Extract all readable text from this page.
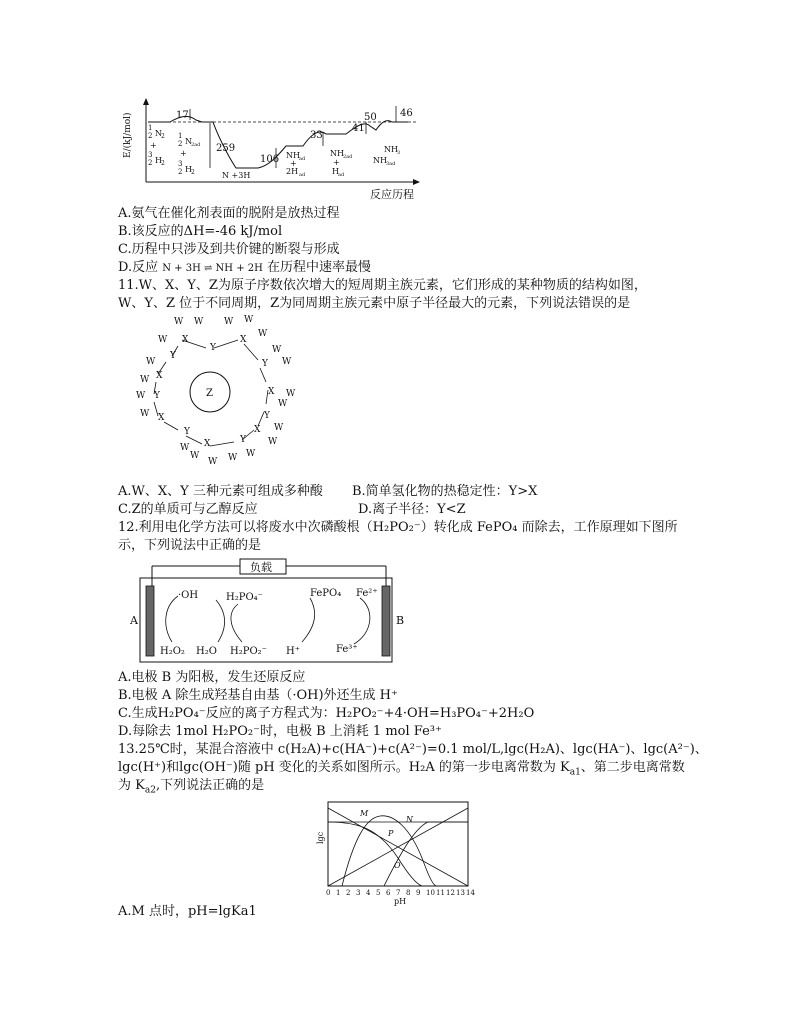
E/(kJ/mol)
反应历程
17
259
106
33
41
50 46
1
2 N 2
+
3
2 H 2
1
2 N 2ad
+
3
2 H 2	N +3H
NH ad
+
2H ad
NH 2ad
+
H ad
NH 3ad
NH 3
A.氨气在催化剂表面的脱附是放热过程
B.该反应的ΔH=-46 kJ/mol
C.历程中只涉及到共价键的断裂与形成
D.反应 N + 3H ⇌ NH + 2H 在历程中速率最慢
11.W、X、Y、Z为原子序数依次增大的短周期主族元素，它们形成的某种物质的结构如图，
W、Y、Z 位于不同周期，Z为同周期主族元素中原子半径最大的元素，下列说法错误的是
Z
X
Y
X
Y
X
Y
X
Y
X
Y
X
Y
X
Y
W W
W
W W
W
W
W
W
W
W
W
W
W
W
W
W
W
W
W
W
A.W、X、Y 三种元素可组成多种酸 B.简单氢化物的热稳定性：Y>X
C.Z的单质可与乙醇反应	D.离子半径：Y<Z
12.利用电化学方法可以将废水中次磷酸根（H₂PO₂⁻）转化成 FePO₄ 而除去，工作原理如下图所
示，下列说法中正确的是
负载
A	B
·OH	H₂PO₄⁻	FePO₄ Fe²⁺
H₂O₂ H₂O H₂PO₂⁻ H⁺	Fe³⁺
A.电极 B 为阳极，发生还原反应
B.电极 A 除生成羟基自由基（·OH)外还生成 H⁺
C.生成H₂PO₄⁻反应的离子方程式为：H₂PO₂⁻+4·OH=H₃PO₄⁻+2H₂O
D.每除去 1mol H₂PO₂⁻时，电极 B 上消耗 1 mol Fe³⁺
13.25℃时，某混合溶液中 c(H₂A)+c(HA⁻)+c(A²⁻)=0.1 mol/L,lgc(H₂A)、lgc(HA⁻)、lgc(A²⁻)、
lgc(H⁺)和lgc(OH⁻)随 pH 变化的关系如图所示。H₂A 的第一步电离常数为 $K_{a1}$、第二步电离常数
为 $K_{a2}$,下列说法正确的是
lgc
M
N
P
O
0 1 2 3 4 5 6 7 8 9 10 11 12 13 14
pH
A.M 点时，pH=lgKa1
